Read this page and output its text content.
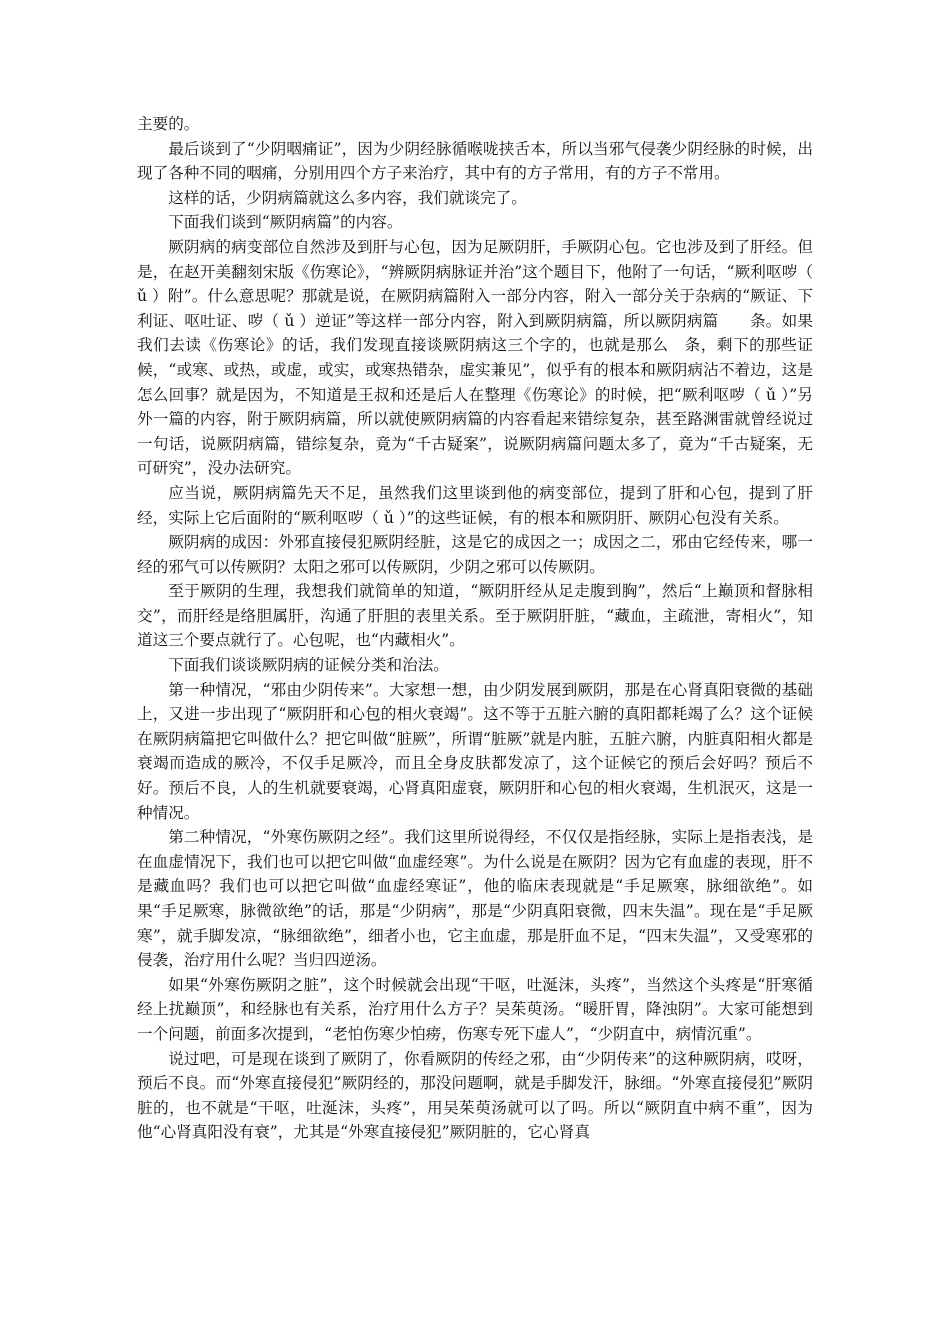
主要的。

最后谈到了“少阴咽痛证”，因为少阴经脉循喉咙挟舌本，所以当邪气侵袭少阴经脉的时候，出现了各种不同的咽痛，分别用四个方子来治疗，其中有的方子常用，有的方子不常用。

这样的话，少阴病篇就这么多内容，我们就谈完了。

下面我们谈到“厥阴病篇”的内容。

厥阴病的病变部位自然涉及到肝与心包，因为足厥阴肝，手厥阴心包。它也涉及到了肝经。但是，在赵开美翻刻宋版《伤寒论》，“辨厥阴病脉证并治”这个题目下，他附了一句话，“厥利呕哕（ ǔ ）附”。什么意思呢？那就是说，在厥阴病篇附入一部分内容，附入一部分关于杂病的“厥证、下利证、呕吐证、哕（ ǔ ）逆证”等这样一部分内容，附入到厥阴病篇，所以厥阴病篇　　条。如果我们去读《伤寒论》的话，我们发现直接谈厥阴病这三个字的，也就是那么　条，剩下的那些证候，“或寒、或热，或虚，或实，或寒热错杂，虚实兼见”，似乎有的根本和厥阴病沾不着边，这是怎么回事？就是因为，不知道是王叔和还是后人在整理《伤寒论》的时候，把“厥利呕哕（ ǔ ）”另外一篇的内容，附于厥阴病篇，所以就使厥阴病篇的内容看起来错综复杂，甚至路渊雷就曾经说过一句话，说厥阴病篇，错综复杂，竟为“千古疑案”，说厥阴病篇问题太多了，竟为“千古疑案，无可研究”，没办法研究。

应当说，厥阴病篇先天不足，虽然我们这里谈到他的病变部位，提到了肝和心包，提到了肝经，实际上它后面附的“厥利呕哕（ ǔ ）”的这些证候，有的根本和厥阴肝、厥阴心包没有关系。

厥阴病的成因：外邪直接侵犯厥阴经脏，这是它的成因之一；成因之二，邪由它经传来，哪一经的邪气可以传厥阴？太阳之邪可以传厥阴，少阴之邪可以传厥阴。

至于厥阴的生理，我想我们就简单的知道，“厥阴肝经从足走腹到胸”，然后“上巅顶和督脉相交”，而肝经是络胆属肝，沟通了肝胆的表里关系。至于厥阴肝脏，“藏血，主疏泄，寄相火”，知道这三个要点就行了。心包呢，也“内藏相火”。

下面我们谈谈厥阴病的证候分类和治法。

第一种情况，“邪由少阴传来”。大家想一想，由少阴发展到厥阴，那是在心肾真阳衰微的基础上，又进一步出现了“厥阴肝和心包的相火衰竭”。这不等于五脏六腑的真阳都耗竭了么？这个证候在厥阴病篇把它叫做什么？把它叫做“脏厥”，所谓“脏厥”就是内脏，五脏六腑，内脏真阳相火都是衰竭而造成的厥冷，不仅手足厥冷，而且全身皮肤都发凉了，这个证候它的预后会好吗？预后不好。预后不良，人的生机就要衰竭，心肾真阳虚衰，厥阴肝和心包的相火衰竭，生机泯灭，这是一种情况。

第二种情况，“外寒伤厥阴之经”。我们这里所说得经，不仅仅是指经脉，实际上是指表浅，是在血虚情况下，我们也可以把它叫做“血虚经寒”。为什么说是在厥阴？因为它有血虚的表现，肝不是藏血吗？我们也可以把它叫做“血虚经寒证”，他的临床表现就是“手足厥寒，脉细欲绝”。如果“手足厥寒，脉微欲绝”的话，那是“少阴病”，那是“少阴真阳衰微，四末失温”。现在是“手足厥寒”，就手脚发凉，“脉细欲绝”，细者小也，它主血虚，那是肝血不足，“四末失温”，又受寒邪的侵袭，治疗用什么呢？当归四逆汤。

如果“外寒伤厥阴之脏”，这个时候就会出现“干呕，吐涎沫，头疼”，当然这个头疼是“肝寒循经上扰巅顶”，和经脉也有关系，治疗用什么方子？吴茱萸汤。“暖肝胃，降浊阴”。大家可能想到一个问题，前面多次提到，“老怕伤寒少怕痨，伤寒专死下虚人”，“少阴直中，病情沉重”。

说过吧，可是现在谈到了厥阴了，你看厥阴的传经之邪，由“少阴传来”的这种厥阴病，哎呀，预后不良。而“外寒直接侵犯”厥阴经的，那没问题啊，就是手脚发汗，脉细。“外寒直接侵犯”厥阴脏的，也不就是“干呕，吐涎沫，头疼”，用吴茱萸汤就可以了吗。所以“厥阴直中病不重”，因为他“心肾真阳没有衰”，尤其是“外寒直接侵犯”厥阴脏的，它心肾真
